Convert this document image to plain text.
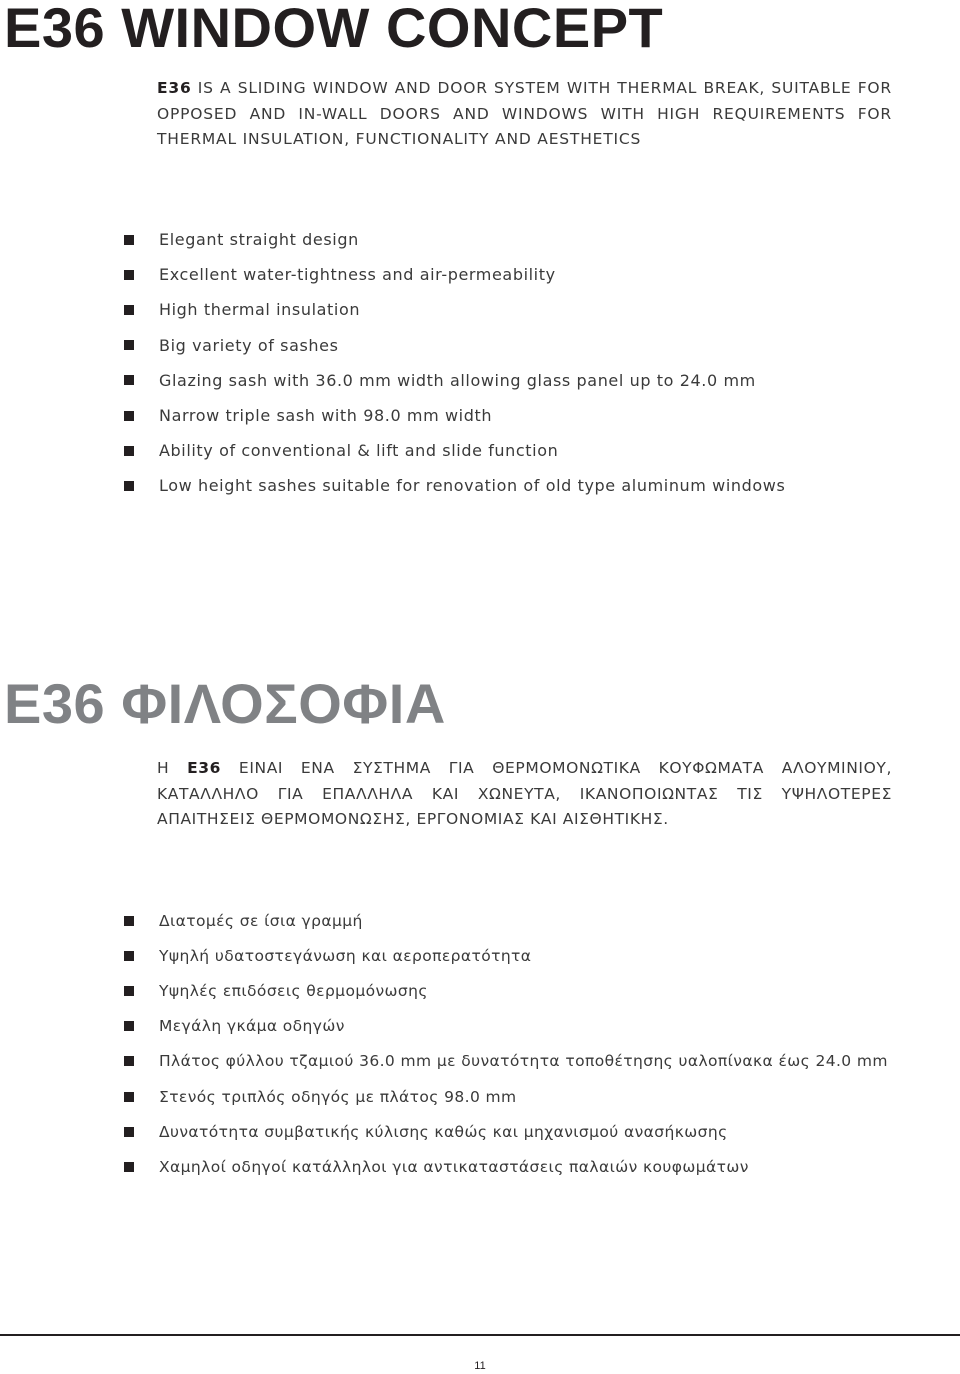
E36 WINDOW CONCEPT

E36 IS A SLIDING WINDOW AND DOOR SYSTEM WITH THERMAL BREAK, SUITABLE FOR OPPOSED AND IN-WALL DOORS AND WINDOWS WITH HIGH REQUIREMENTS FOR THERMAL INSULATION, FUNCTIONALITY AND AESTHETICS

Elegant straight design
Excellent water-tightness and air-permeability
High thermal insulation
Big variety of sashes
Glazing sash with 36.0 mm width allowing glass panel up to 24.0 mm
Narrow triple sash with 98.0 mm width
Ability of conventional & lift and slide function
Low height sashes suitable for renovation of old type aluminum windows
E36 ΦΙΛΟΣΟΦΙΑ

Η E36 ΕΙΝΑΙ ΕΝΑ ΣΥΣΤΗΜΑ ΓΙΑ ΘΕΡΜΟΜΟΝΩΤΙΚΑ ΚΟΥΦΩΜΑΤΑ ΑΛΟΥΜΙΝΙΟΥ, ΚΑΤΑΛΛΗΛΟ ΓΙΑ ΕΠΑΛΛΗΛΑ ΚΑΙ ΧΩΝΕΥΤΑ, ΙΚΑΝΟΠΟΙΩΝΤΑΣ ΤΙΣ ΥΨΗΛΟΤΕΡΕΣ ΑΠΑΙΤΗΣΕΙΣ ΘΕΡΜΟΜΟΝΩΣΗΣ, ΕΡΓΟΝΟΜΙΑΣ ΚΑΙ ΑΙΣΘΗΤΙΚΗΣ.

Διατομές σε ίσια γραμμή
Υψηλή υδατοστεγάνωση και αεροπερατότητα
Υψηλές επιδόσεις θερμομόνωσης
Μεγάλη γκάμα οδηγών
Πλάτος φύλλου τζαμιού 36.0 mm με δυνατότητα τοποθέτησης υαλοπίνακα έως 24.0 mm
Στενός τριπλός οδηγός με πλάτος 98.0 mm
Δυνατότητα συμβατικής κύλισης καθώς και μηχανισμού ανασήκωσης
Χαμηλοί οδηγοί κατάλληλοι για αντικαταστάσεις παλαιών κουφωμάτων
11
